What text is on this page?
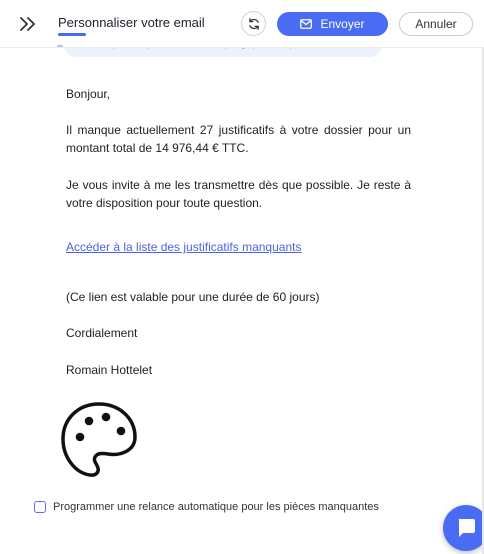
Personnaliser votre email	Envoyer	Annuler

Bonjour,

Il manque actuellement 27 justificatifs à votre dossier pour un montant total de 14 976,44 € TTC.

Je vous invite à me les transmettre dès que possible. Je reste à votre disposition pour toute question.

Accéder à la liste des justificatifs manquants

(Ce lien est valable pour une durée de 60 jours)

Cordialement

Romain Hottelet

Programmer une relance automatique pour les pièces manquantes
